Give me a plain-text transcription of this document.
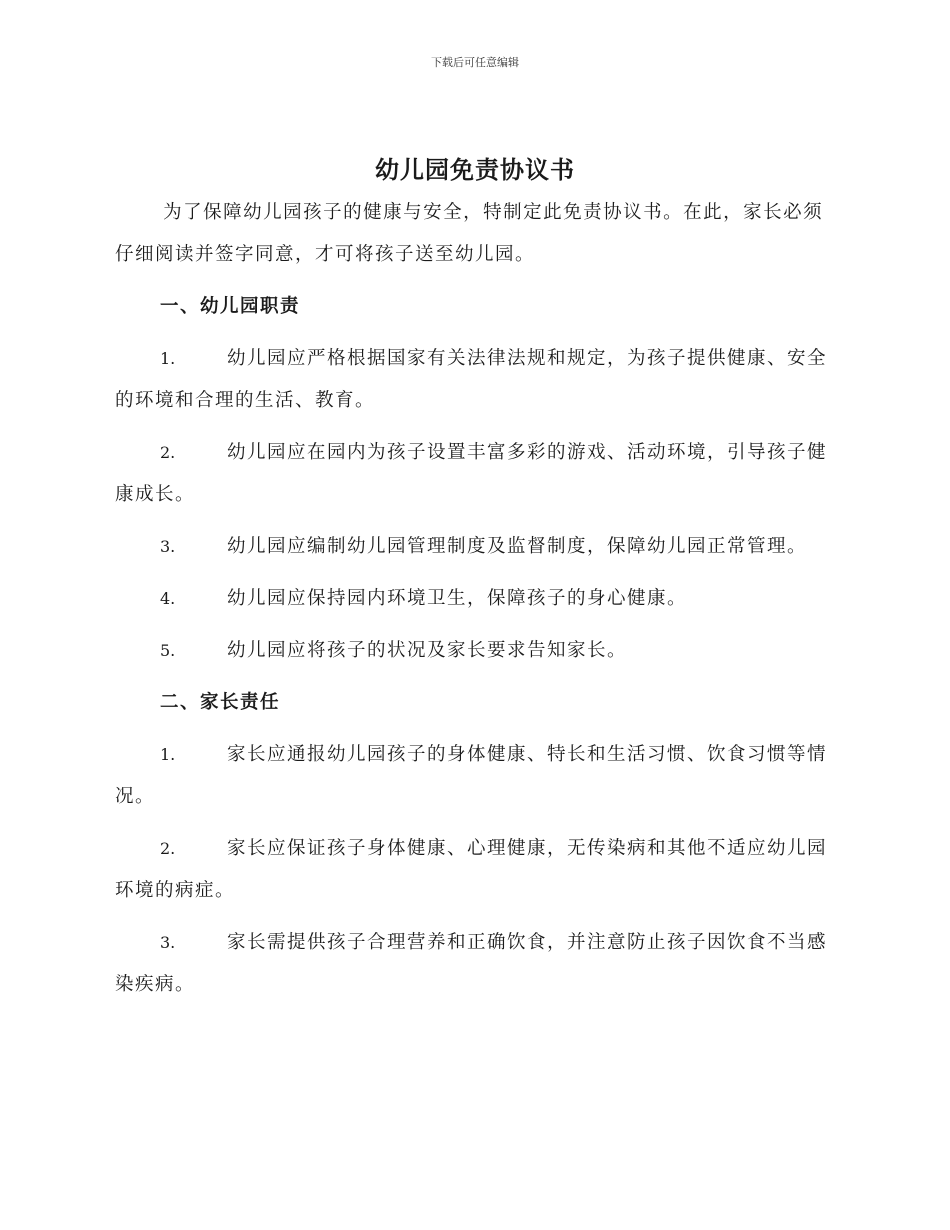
下载后可任意编辑
幼儿园免责协议书

为了保障幼儿园孩子的健康与安全，特制定此免责协议书。在此，家长必须仔细阅读并签字同意，才可将孩子送至幼儿园。

一、幼儿园职责

1.	幼儿园应严格根据国家有关法律法规和规定，为孩子提供健康、安全的环境和合理的生活、教育。

2.	幼儿园应在园内为孩子设置丰富多彩的游戏、活动环境，引导孩子健康成长。

3.	幼儿园应编制幼儿园管理制度及监督制度，保障幼儿园正常管理。

4.	幼儿园应保持园内环境卫生，保障孩子的身心健康。

5.	幼儿园应将孩子的状况及家长要求告知家长。

二、家长责任

1.	家长应通报幼儿园孩子的身体健康、特长和生活习惯、饮食习惯等情况。

2.	家长应保证孩子身体健康、心理健康，无传染病和其他不适应幼儿园环境的病症。

3.	家长需提供孩子合理营养和正确饮食，并注意防止孩子因饮食不当感染疾病。
